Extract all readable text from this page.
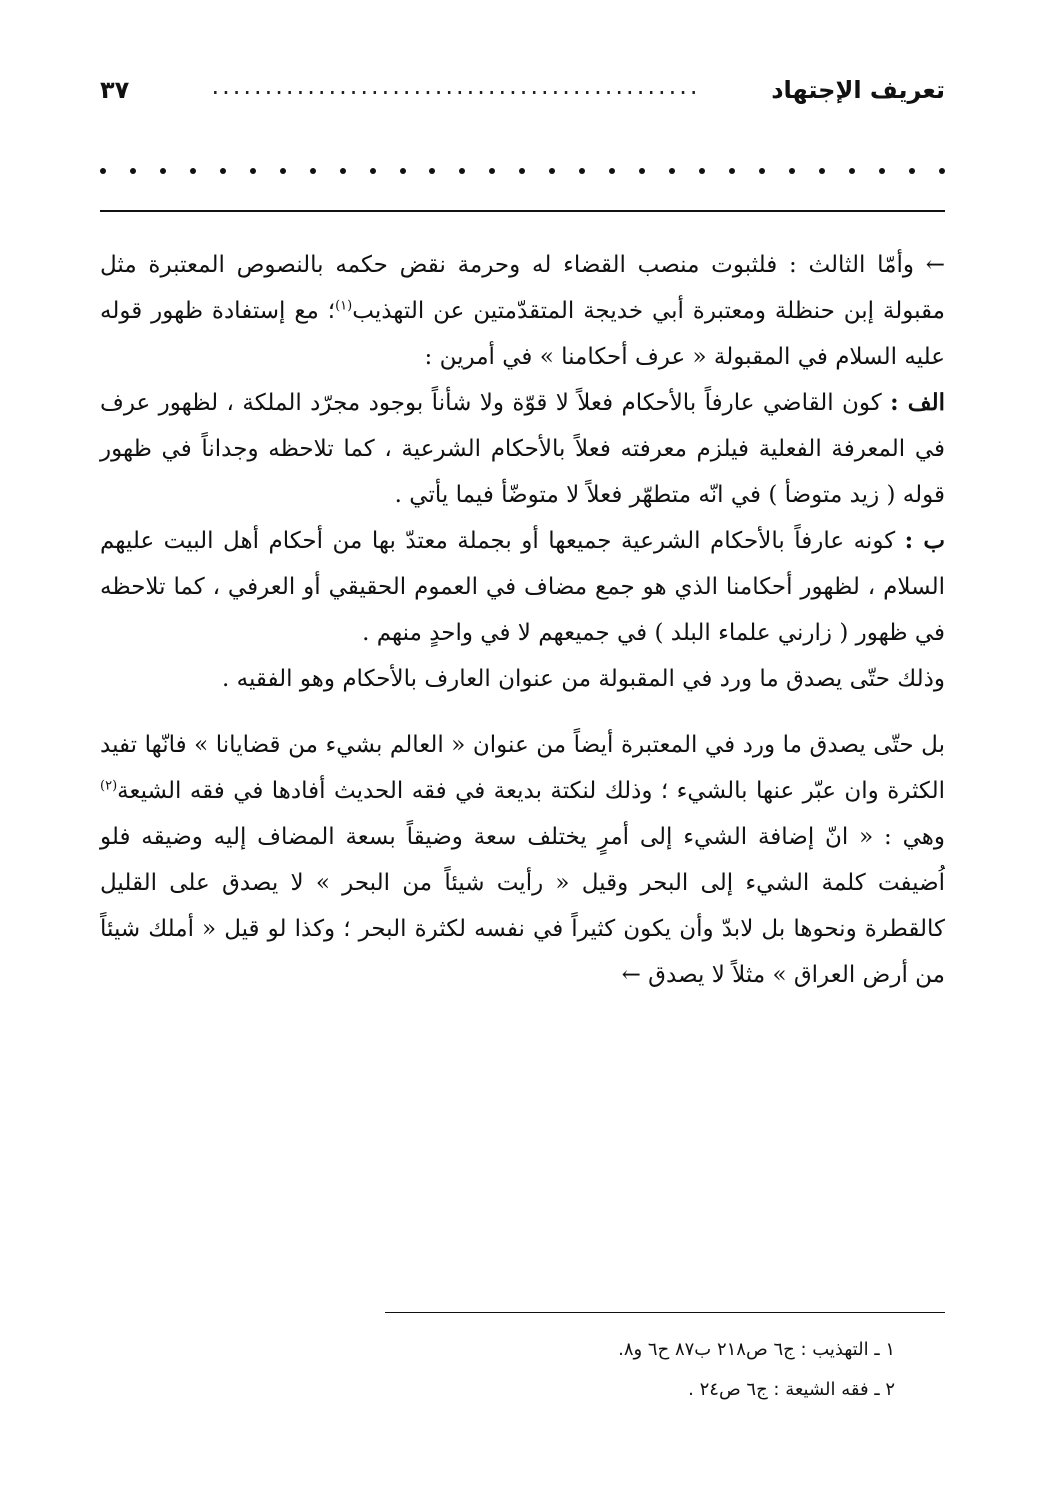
تعريف الإجتهاد
..............................................
٣٧

← وأمّا الثالث : فلثبوت منصب القضاء له وحرمة نقض حكمه بالنصوص المعتبرة مثل مقبولة إبن حنظلة ومعتبرة أبي خديجة المتقدّمتين عن التهذيب$^{(١)}$؛ مع إستفادة ظهور قوله عليه السلام في المقبولة « عرف أحكامنا » في أمرين :

الف : كون القاضي عارفاً بالأحكام فعلاً لا قوّة ولا شأناً بوجود مجرّد الملكة ، لظهور عرف في المعرفة الفعلية فيلزم معرفته فعلاً بالأحكام الشرعية ، كما تلاحظه وجداناً في ظهور قوله ( زيد متوضأ ) في انّه متطهّر فعلاً لا متوضّأ فيما يأتي .

ب : كونه عارفاً بالأحكام الشرعية جميعها أو بجملة معتدّ بها من أحكام أهل البيت عليهم السلام ، لظهور أحكامنا الذي هو جمع مضاف في العموم الحقيقي أو العرفي ، كما تلاحظه في ظهور ( زارني علماء البلد ) في جميعهم لا في واحدٍ منهم .

وذلك حتّى يصدق ما ورد في المقبولة من عنوان العارف بالأحكام وهو الفقيه .

بل حتّى يصدق ما ورد في المعتبرة أيضاً من عنوان « العالم بشيء من قضايانا » فانّها تفيد الكثرة وان عبّر عنها بالشيء ؛ وذلك لنكتة بديعة في فقه الحديث أفادها في فقه الشيعة$^{(٢)}$ وهي : « انّ إضافة الشيء إلى أمرٍ يختلف سعة وضيقاً بسعة المضاف إليه وضيقه فلو اُضيفت كلمة الشيء إلى البحر وقيل « رأيت شيئاً من البحر » لا يصدق على القليل كالقطرة ونحوها بل لابدّ وأن يكون كثيراً في نفسه لكثرة البحر ؛ وكذا لو قيل « أملك شيئاً من أرض العراق » مثلاً لا يصدق ←

١ ـ التهذيب : ج٦ ص٢١٨ ب٨٧ ح٦ و٨.
٢ ـ فقه الشيعة : ج٦ ص٢٤ .
